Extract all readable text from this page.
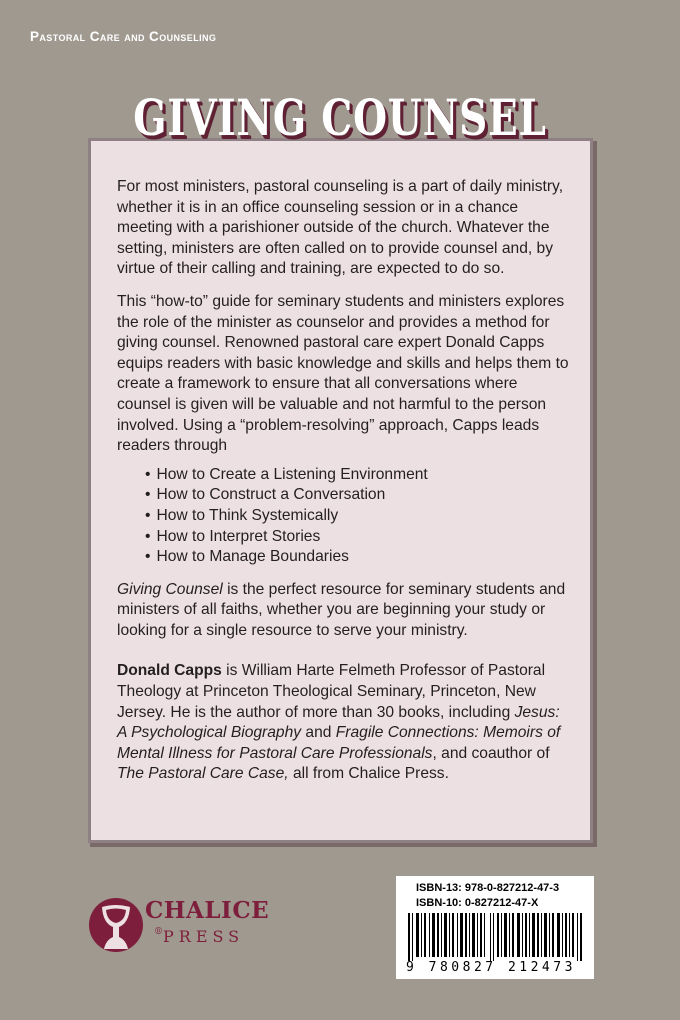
Pastoral Care and Counseling
GIVING COUNSEL

For most ministers, pastoral counseling is a part of daily ministry, whether it is in an office counseling session or in a chance meeting with a parishioner outside of the church. Whatever the setting, ministers are often called on to provide counsel and, by virtue of their calling and training, are expected to do so.

This “how-to” guide for seminary students and ministers explores the role of the minister as counselor and provides a method for giving counsel. Renowned pastoral care expert Donald Capps equips readers with basic knowledge and skills and helps them to create a framework to ensure that all conversations where counsel is given will be valuable and not harmful to the person involved. Using a “problem-resolving” approach, Capps leads readers through

• How to Create a Listening Environment
• How to Construct a Conversation
• How to Think Systemically
• How to Interpret Stories
• How to Manage Boundaries

Giving Counsel is the perfect resource for seminary students and ministers of all faiths, whether you are beginning your study or looking for a single resource to serve your ministry.

Donald Capps is William Harte Felmeth Professor of Pastoral Theology at Princeton Theological Seminary, Princeton, New Jersey. He is the author of more than 30 books, including Jesus: A Psychological Biography and Fragile Connections: Memoirs of Mental Illness for Pastoral Care Professionals, and coauthor of The Pastoral Care Case, all from Chalice Press.

CHALICE
®PRESS
ISBN-13: 978-0-827212-47-3
ISBN-10: 0-827212-47-X
9 780827 212473
